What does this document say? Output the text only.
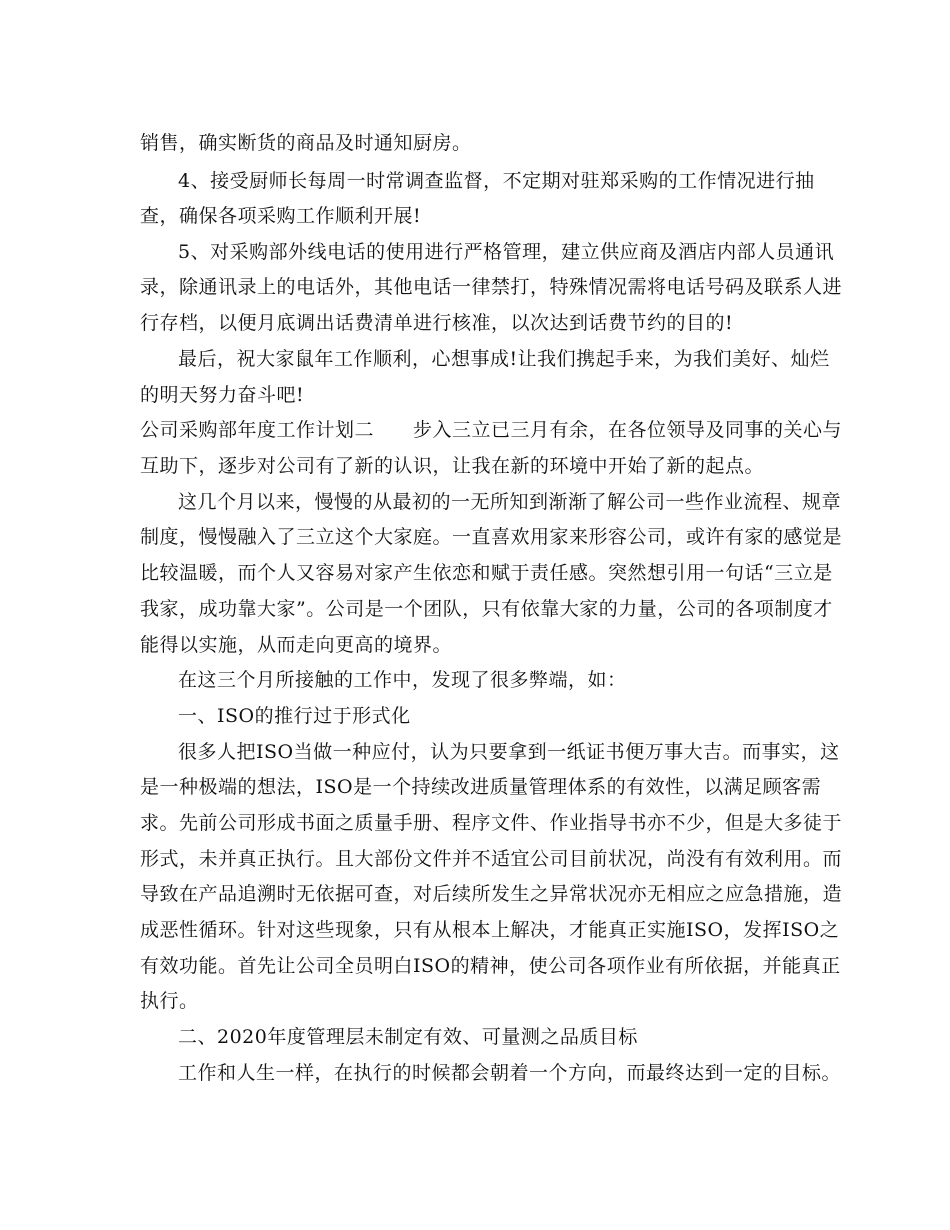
销售，确实断货的商品及时通知厨房。
4、接受厨师长每周一时常调查监督，不定期对驻郑采购的工作情况进行抽
查，确保各项采购工作顺利开展!
5、对采购部外线电话的使用进行严格管理，建立供应商及酒店内部人员通讯
录，除通讯录上的电话外，其他电话一律禁打，特殊情况需将电话号码及联系人进
行存档，以便月底调出话费清单进行核准，以次达到话费节约的目的!
最后，祝大家鼠年工作顺利，心想事成!让我们携起手来，为我们美好、灿烂
的明天努力奋斗吧!
公司采购部年度工作计划二　　步入三立已三月有余，在各位领导及同事的关心与
互助下，逐步对公司有了新的认识，让我在新的环境中开始了新的起点。
这几个月以来，慢慢的从最初的一无所知到渐渐了解公司一些作业流程、规章
制度，慢慢融入了三立这个大家庭。一直喜欢用家来形容公司，或许有家的感觉是
比较温暖，而个人又容易对家产生依恋和赋于责任感。突然想引用一句话“三立是
我家，成功靠大家”。公司是一个团队，只有依靠大家的力量，公司的各项制度才
能得以实施，从而走向更高的境界。
在这三个月所接触的工作中，发现了很多弊端，如：
一、ISO的推行过于形式化
很多人把ISO当做一种应付，认为只要拿到一纸证书便万事大吉。而事实，这
是一种极端的想法，ISO是一个持续改进质量管理体系的有效性，以满足顾客需
求。先前公司形成书面之质量手册、程序文件、作业指导书亦不少，但是大多徒于
形式，未并真正执行。且大部份文件并不适宜公司目前状况，尚没有有效利用。而
导致在产品追溯时无依据可查，对后续所发生之异常状况亦无相应之应急措施，造
成恶性循环。针对这些现象，只有从根本上解决，才能真正实施ISO，发挥ISO之
有效功能。首先让公司全员明白ISO的精神，使公司各项作业有所依据，并能真正
执行。
二、2020年度管理层未制定有效、可量测之品质目标
工作和人生一样，在执行的时候都会朝着一个方向，而最终达到一定的目标。
